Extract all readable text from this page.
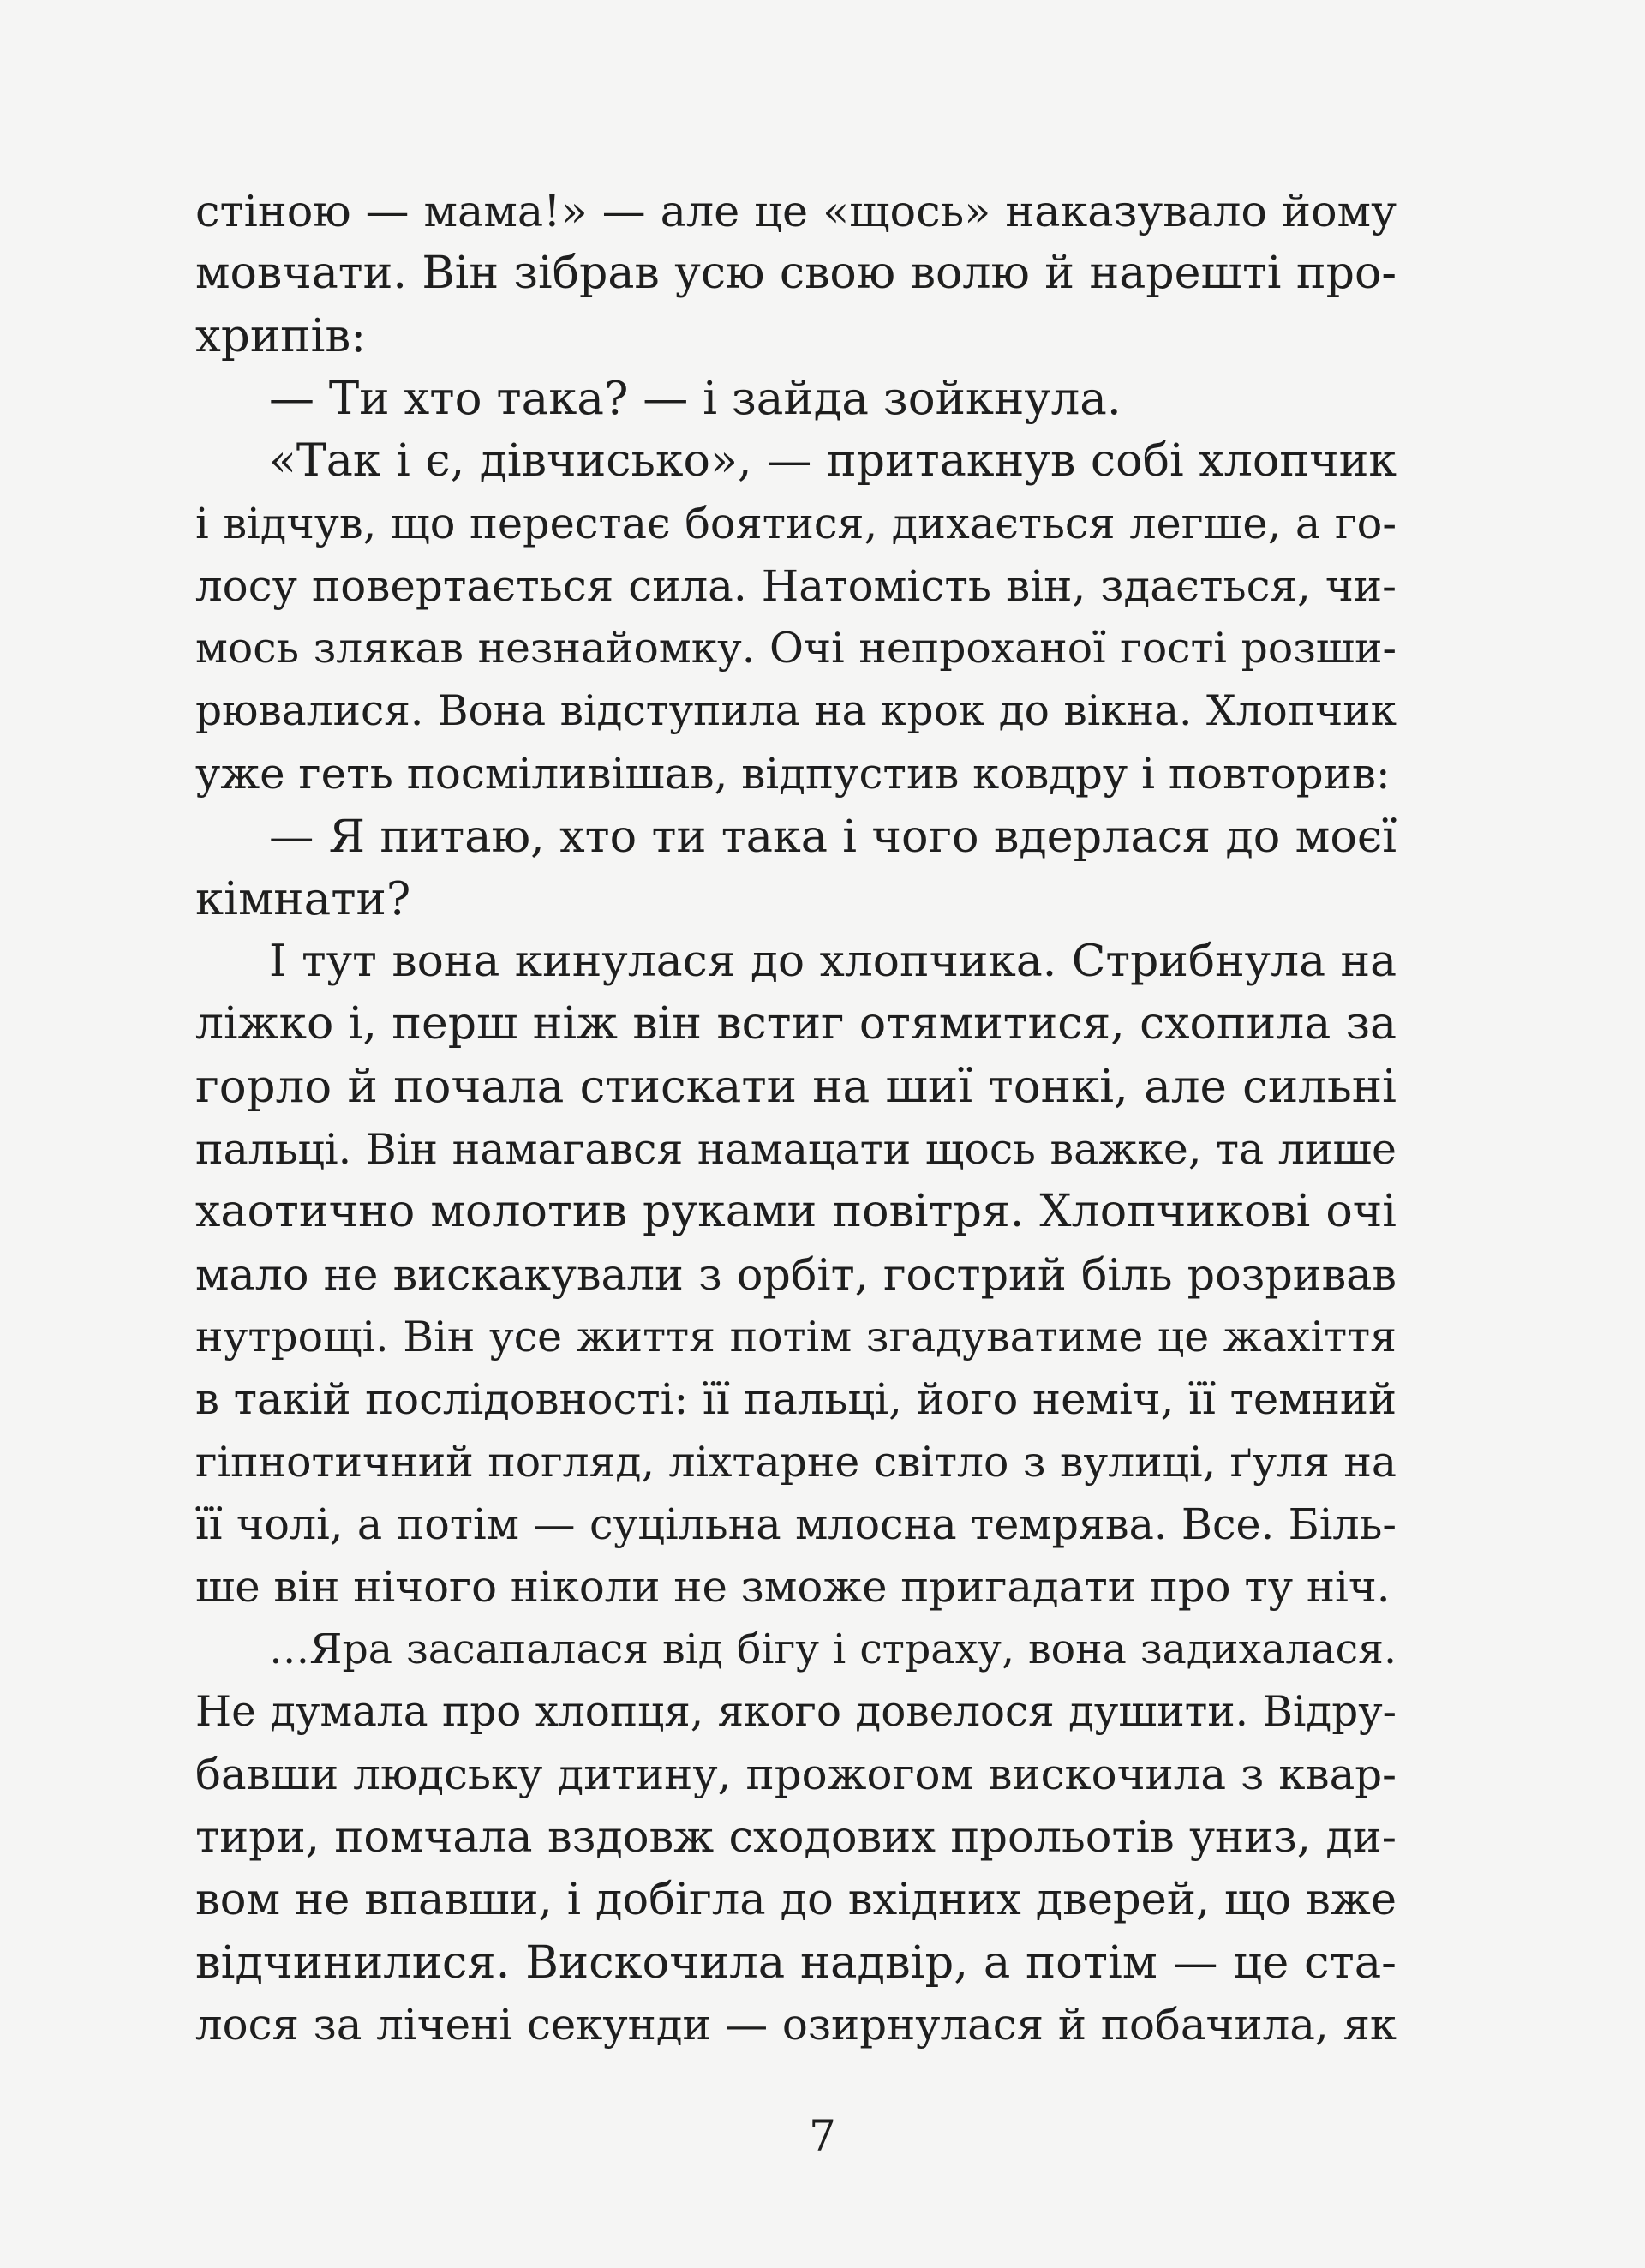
стіною — мама!» — але це «щось» наказувало йому
мовчати. Він зібрав усю свою волю й нарешті про-
хрипів:
— Ти хто така? — і зайда зойкнула.
«Так і є, дівчисько», — притакнув собі хлопчик
і відчув, що перестає боятися, дихається легше, а го-
лосу повертається сила. Натомість він, здається, чи-
мось злякав незнайомку. Очі непроханої гості розши-
рювалися. Вона відступила на крок до вікна. Хлопчик
уже геть посміливішав, відпустив ковдру і повторив:
— Я питаю, хто ти така і чого вдерлася до моєї
кімнати?
І тут вона кинулася до хлопчика. Стрибнула на
ліжко і, перш ніж він встиг отямитися, схопила за
горло й почала стискати на шиї тонкі, але сильні
пальці. Він намагався намацати щось важке, та лише
хаотично молотив руками повітря. Хлопчикові очі
мало не вискакували з орбіт, гострий біль розривав
нутрощі. Він усе життя потім згадуватиме це жахіття
в такій послідовності: її пальці, його неміч, її темний
гіпнотичний погляд, ліхтарне світло з вулиці, ґуля на
її чолі, а потім — суцільна млосна темрява. Все. Біль-
ше він нічого ніколи не зможе пригадати про ту ніч.
…Яра засапалася від бігу і страху, вона задихалася.
Не думала про хлопця, якого довелося душити. Відру-
бавши людську дитину, прожогом вискочила з квар-
тири, помчала вздовж сходових прольотів униз, ди-
вом не впавши, і добігла до вхідних дверей, що вже
відчинилися. Вискочила надвір, а потім — це ста-
лося за лічені секунди — озирнулася й побачила, як
7
